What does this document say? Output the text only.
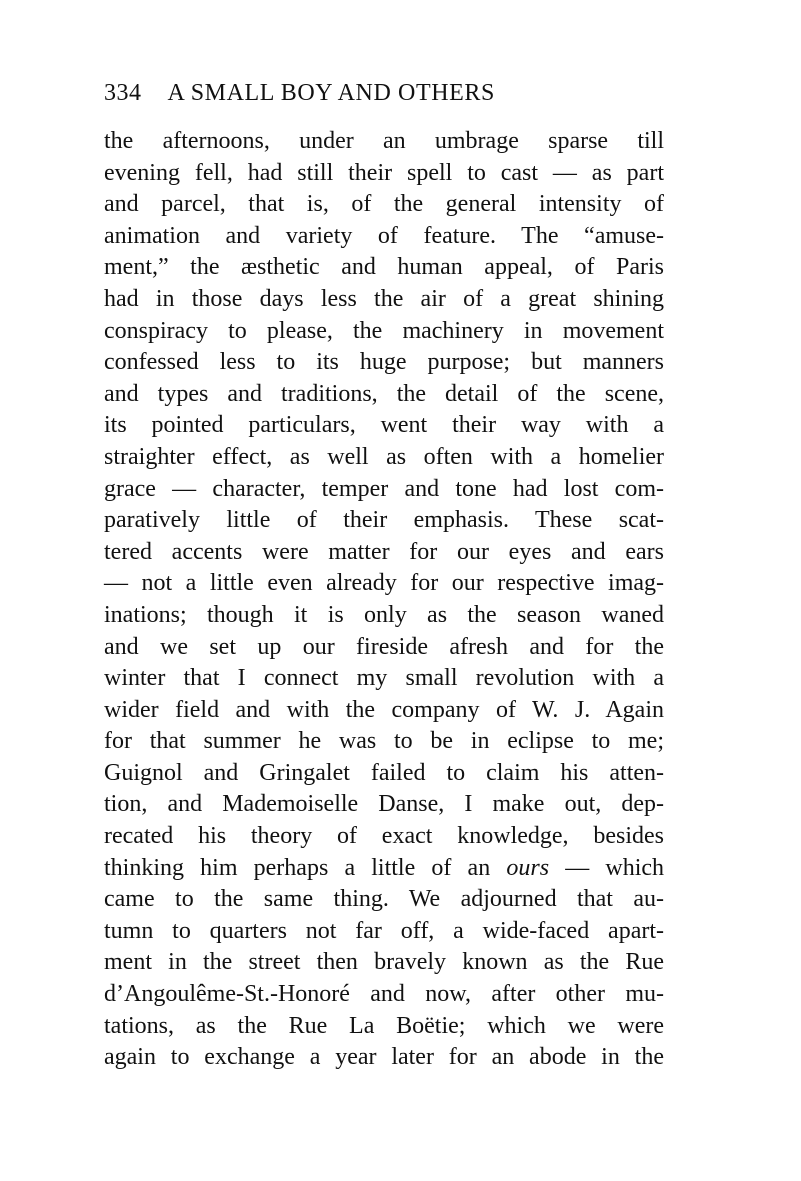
334 A SMALL BOY AND OTHERS
the afternoons, under an umbrage sparse till
evening fell, had still their spell to cast — as part
and parcel, that is, of the general intensity of
animation and variety of feature. The “amuse-
ment,” the æsthetic and human appeal, of Paris
had in those days less the air of a great shining
conspiracy to please, the machinery in movement
confessed less to its huge purpose; but manners
and types and traditions, the detail of the scene,
its pointed particulars, went their way with a
straighter effect, as well as often with a homelier
grace — character, temper and tone had lost com-
paratively little of their emphasis. These scat-
tered accents were matter for our eyes and ears
— not a little even already for our respective imag-
inations; though it is only as the season waned
and we set up our fireside afresh and for the
winter that I connect my small revolution with a
wider field and with the company of W. J. Again
for that summer he was to be in eclipse to me;
Guignol and Gringalet failed to claim his atten-
tion, and Mademoiselle Danse, I make out, dep-
recated his theory of exact knowledge, besides
thinking him perhaps a little of an ours — which
came to the same thing. We adjourned that au-
tumn to quarters not far off, a wide-faced apart-
ment in the street then bravely known as the Rue
d’Angoulême-St.-Honoré and now, after other mu-
tations, as the Rue La Boëtie; which we were
again to exchange a year later for an abode in the
